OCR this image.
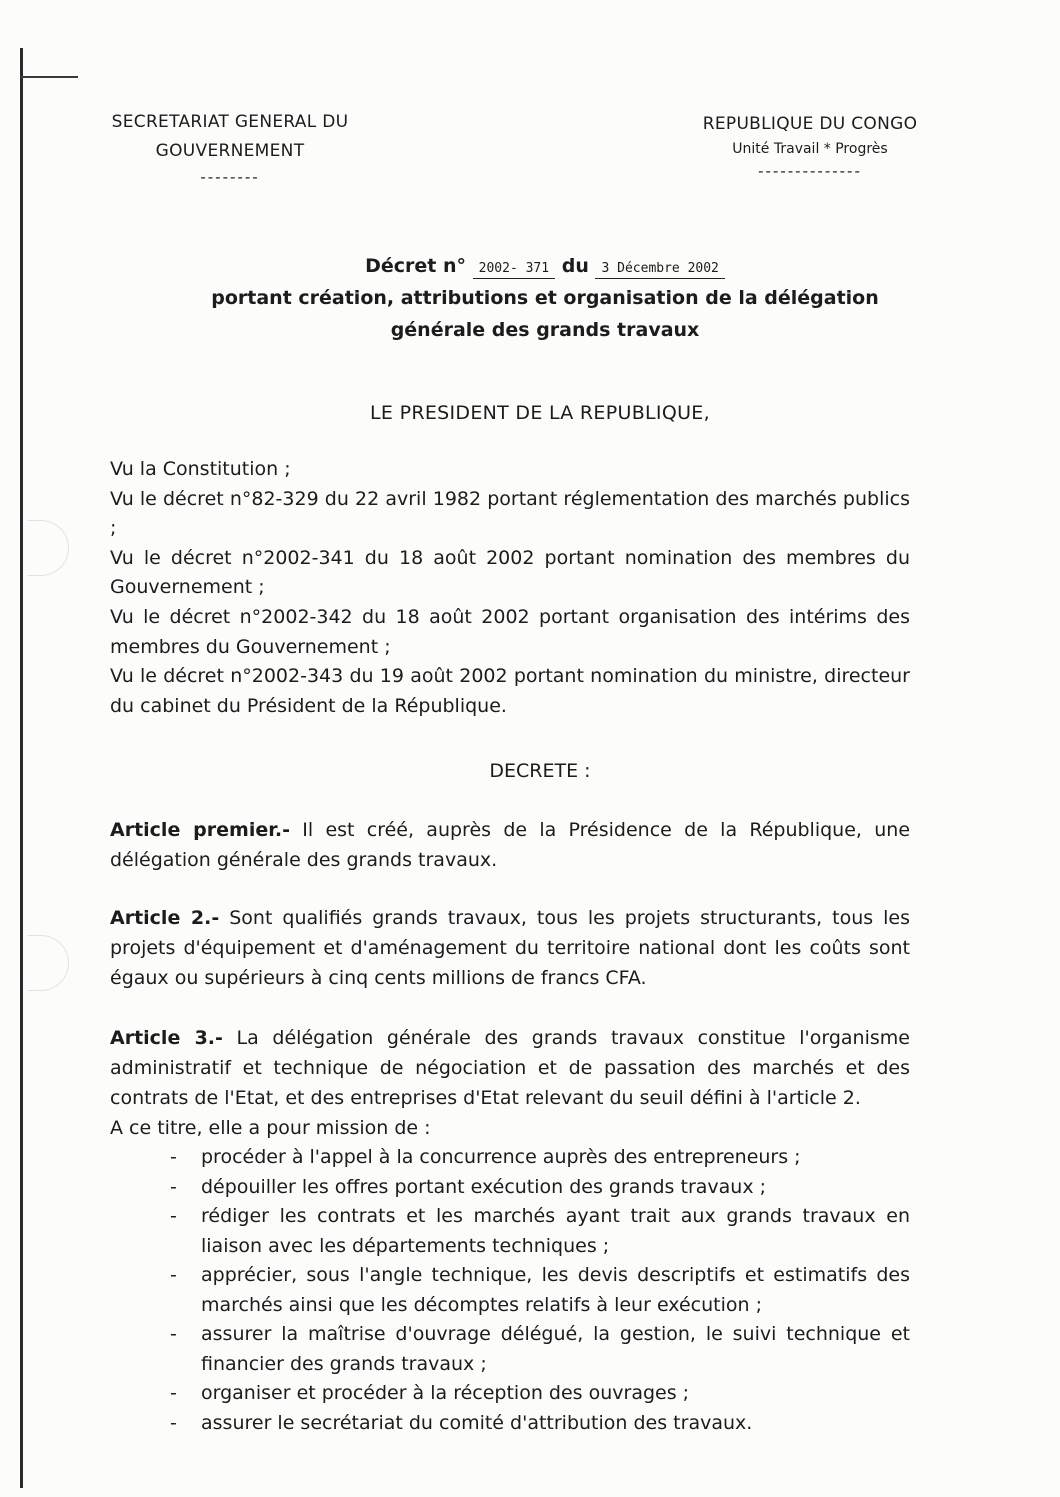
SECRETARIAT GENERAL DU
GOUVERNEMENT
--------
REPUBLIQUE DU CONGO
Unité Travail * Progrès
--------------
Décret n° 2002- 371 du 3 Décembre 2002
portant création, attributions et organisation de la délégation
générale des grands travaux
LE PRESIDENT DE LA REPUBLIQUE,

Vu la Constitution ;

Vu le décret n°82-329 du 22 avril 1982 portant réglementation des marchés publics ;

Vu le décret n°2002-341 du 18 août 2002 portant nomination des membres du Gouvernement ;

Vu le décret n°2002-342 du 18 août 2002 portant organisation des intérims des membres du Gouvernement ;

Vu le décret n°2002-343 du 19 août 2002 portant nomination du ministre, directeur du cabinet du Président de la République.

DECRETE :

Article premier.- Il est créé, auprès de la Présidence de la République, une délégation générale des grands travaux.

Article 2.- Sont qualifiés grands travaux, tous les projets structurants, tous les projets d'équipement et d'aménagement du territoire national dont les coûts sont égaux ou supérieurs à cinq cents millions de francs CFA.

Article 3.- La délégation générale des grands travaux constitue l'organisme administratif et technique de négociation et de passation des marchés et des contrats de l'Etat, et des entreprises d'Etat relevant du seuil défini à l'article 2.

A ce titre, elle a pour mission de :

- procéder à l'appel à la concurrence auprès des entrepreneurs ;
- dépouiller les offres portant exécution des grands travaux ;
- rédiger les contrats et les marchés ayant trait aux grands travaux en liaison avec les départements techniques ;
- apprécier, sous l'angle technique, les devis descriptifs et estimatifs des marchés ainsi que les décomptes relatifs à leur exécution ;
- assurer la maîtrise d'ouvrage délégué, la gestion, le suivi technique et financier des grands travaux ;
- organiser et procéder à la réception des ouvrages ;
- assurer le secrétariat du comité d'attribution des travaux.
